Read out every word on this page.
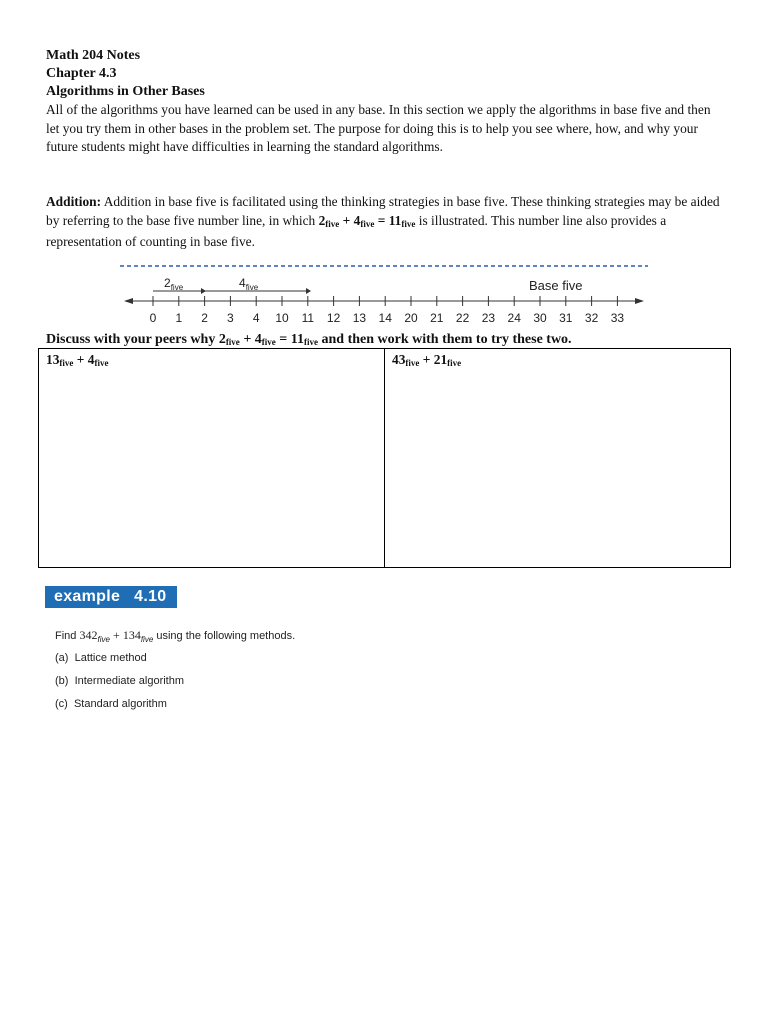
Math 204 Notes
Chapter 4.3
Algorithms in Other Bases
All of the algorithms you have learned can be used in any base. In this section we apply the algorithms in base five and then let you try them in other bases in the problem set. The purpose for doing this is to help you see where, how, and why your future students might have difficulties in learning the standard algorithms.
Addition: Addition in base five is facilitated using the thinking strategies in base five. These thinking strategies may be aided by referring to the base five number line, in which $2_{five} + 4_{five} = 11_{five}$ is illustrated. This number line also provides a representation of counting in base five.
$2_{five}$	$4_{five}$	Base five
0 1 2 3 4 10 11 12 13 14 20 21 22 23 24 30 31 32 33
Discuss with your peers why $2_{five} + 4_{five} = 11_{five}$ and then work with them to try these two.
$13_{five} + 4_{five}$	$43_{five} + 21_{five}$
example 4.10
Find $342_{five} + 134_{five}$ using the following methods.
(a) Lattice method
(b) Intermediate algorithm
(c) Standard algorithm
